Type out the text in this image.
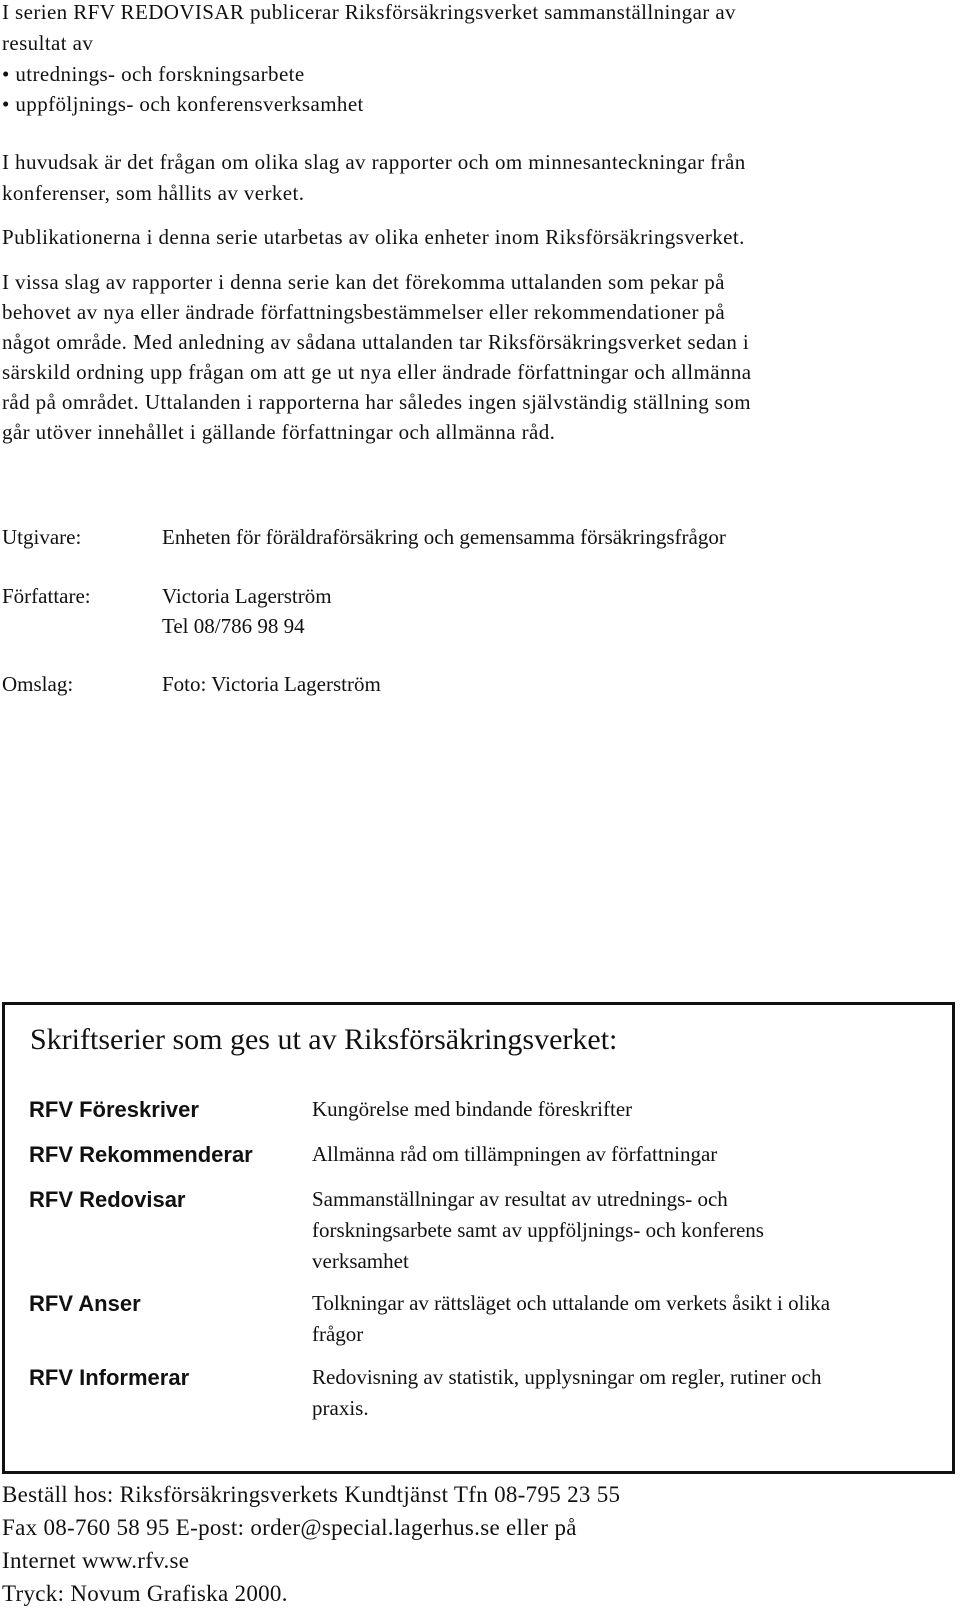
I serien RFV REDOVISAR publicerar Riksförsäkringsverket sammanställningar av
resultat av
• utrednings- och forskningsarbete
• uppföljnings- och konferensverksamhet
I huvudsak är det frågan om olika slag av rapporter och om minnesanteckningar från
konferenser, som hållits av verket.
Publikationerna i denna serie utarbetas av olika enheter inom Riksförsäkringsverket.
I vissa slag av rapporter i denna serie kan det förekomma uttalanden som pekar på
behovet av nya eller ändrade författningsbestämmelser eller rekommendationer på
något område. Med anledning av sådana uttalanden tar Riksförsäkringsverket sedan i
särskild ordning upp frågan om att ge ut nya eller ändrade författningar och allmänna
råd på området. Uttalanden i rapporterna har således ingen självständig ställning som
går utöver innehållet i gällande författningar och allmänna råd.
Utgivare:	Enheten för föräldraförsäkring och gemensamma försäkringsfrågor
Författare:	Victoria Lagerström
Tel 08/786 98 94
Omslag:	Foto: Victoria Lagerström
Skriftserier som ges ut av Riksförsäkringsverket:
RFV Föreskriver	Kungörelse med bindande föreskrifter
RFV Rekommenderar	Allmänna råd om tillämpningen av författningar
RFV Redovisar	Sammanställningar av resultat av utrednings- och
forskningsarbete samt av uppföljnings- och konferens
verksamhet
RFV Anser	Tolkningar av rättsläget och uttalande om verkets åsikt i olika
frågor
RFV Informerar	Redovisning av statistik, upplysningar om regler, rutiner och
praxis.
Beställ hos: Riksförsäkringsverkets Kundtjänst Tfn 08-795 23 55
Fax 08-760 58 95 E-post: order@special.lagerhus.se eller på
Internet www.rfv.se
Tryck: Novum Grafiska 2000.
